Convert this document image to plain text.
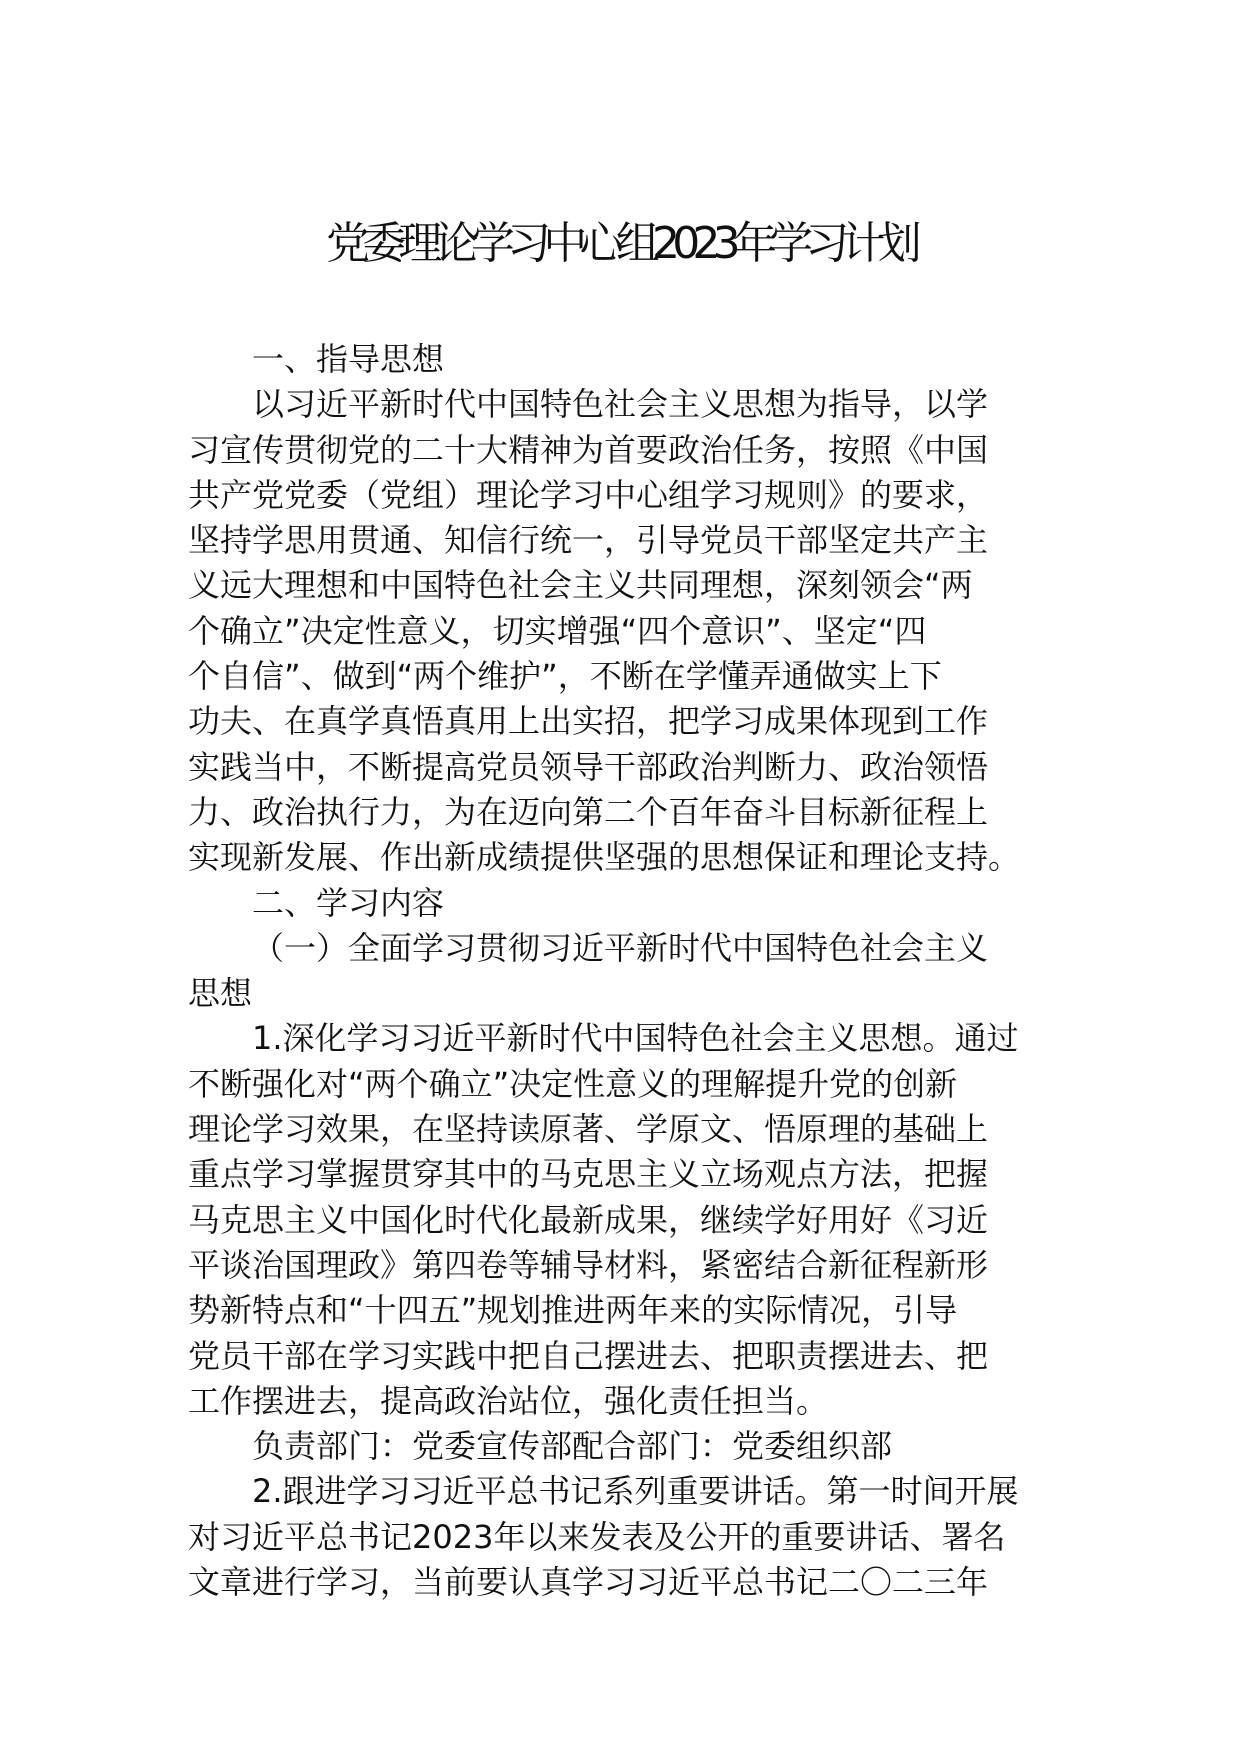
党委理论学习中心组2023年学习计划
一、指导思想
以习近平新时代中国特色社会主义思想为指导，以学
习宣传贯彻党的二十大精神为首要政治任务，按照《中国
共产党党委（党组）理论学习中心组学习规则》的要求，
坚持学思用贯通、知信行统一，引导党员干部坚定共产主
义远大理想和中国特色社会主义共同理想，深刻领会“两
个确立”决定性意义，切实增强“四个意识”、坚定“四
个自信”、做到“两个维护”，不断在学懂弄通做实上下
功夫、在真学真悟真用上出实招，把学习成果体现到工作
实践当中，不断提高党员领导干部政治判断力、政治领悟
力、政治执行力，为在迈向第二个百年奋斗目标新征程上
实现新发展、作出新成绩提供坚强的思想保证和理论支持。
二、学习内容
（一）全面学习贯彻习近平新时代中国特色社会主义
思想
1.深化学习习近平新时代中国特色社会主义思想。通过
不断强化对“两个确立”决定性意义的理解提升党的创新
理论学习效果，在坚持读原著、学原文、悟原理的基础上
重点学习掌握贯穿其中的马克思主义立场观点方法，把握
马克思主义中国化时代化最新成果，继续学好用好《习近
平谈治国理政》第四卷等辅导材料，紧密结合新征程新形
势新特点和“十四五”规划推进两年来的实际情况，引导
党员干部在学习实践中把自己摆进去、把职责摆进去、把
工作摆进去，提高政治站位，强化责任担当。
负责部门：党委宣传部配合部门：党委组织部
2.跟进学习习近平总书记系列重要讲话。第一时间开展
对习近平总书记2023年以来发表及公开的重要讲话、署名
文章进行学习，当前要认真学习习近平总书记二〇二三年
